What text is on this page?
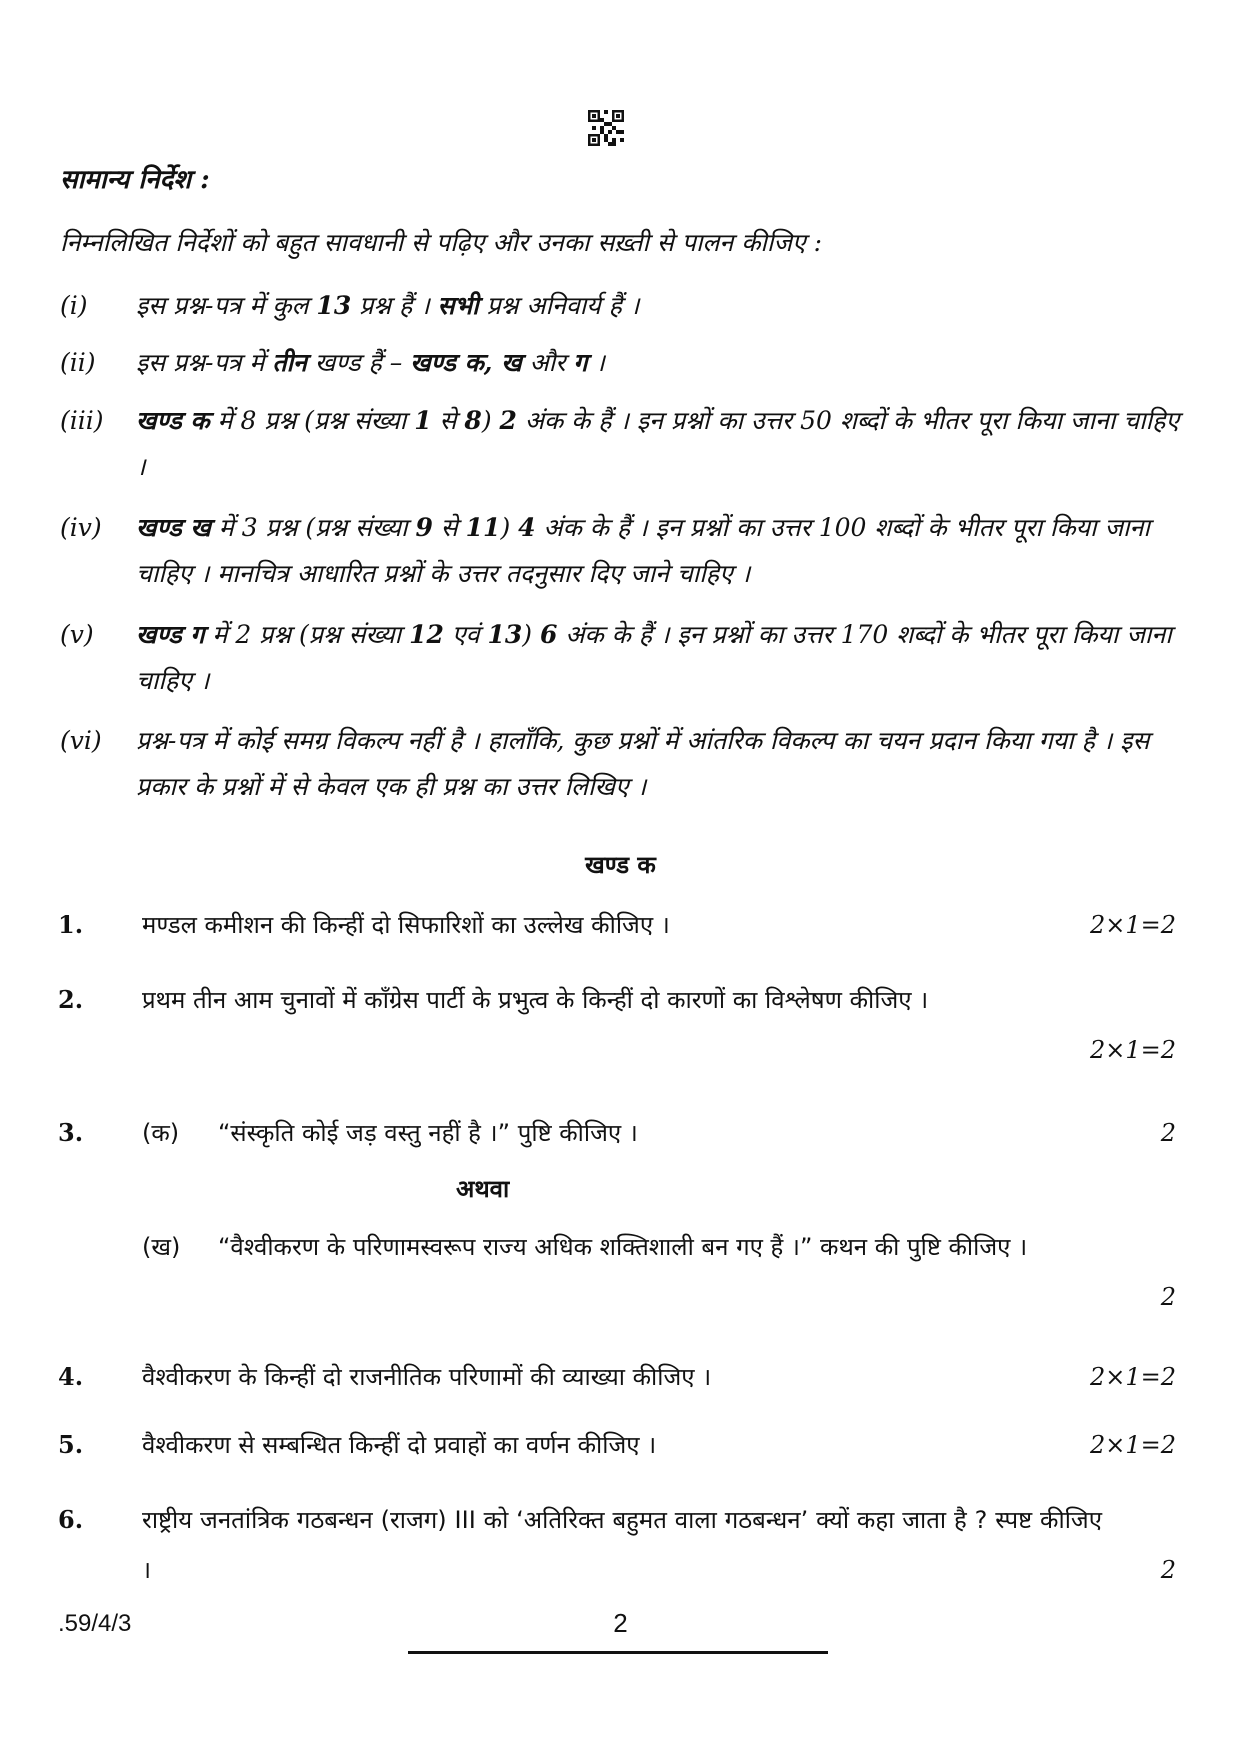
सामान्य निर्देश :
निम्नलिखित निर्देशों को बहुत सावधानी से पढ़िए और उनका सख़्ती से पालन कीजिए :
(i)	इस प्रश्न-पत्र में कुल 13 प्रश्न हैं । सभी प्रश्न अनिवार्य हैं ।
(ii)	इस प्रश्न-पत्र में तीन खण्ड हैं – खण्ड क, ख और ग ।
(iii)	खण्ड क में 8 प्रश्न (प्रश्न संख्या 1 से 8) 2 अंक के हैं । इन प्रश्नों का उत्तर 50 शब्दों के भीतर पूरा किया जाना चाहिए ।
(iv)	खण्ड ख में 3 प्रश्न (प्रश्न संख्या 9 से 11) 4 अंक के हैं । इन प्रश्नों का उत्तर 100 शब्दों के भीतर पूरा किया जाना चाहिए । मानचित्र आधारित प्रश्नों के उत्तर तदनुसार दिए जाने चाहिए ।
(v)	खण्ड ग में 2 प्रश्न (प्रश्न संख्या 12 एवं 13) 6 अंक के हैं । इन प्रश्नों का उत्तर 170 शब्दों के भीतर पूरा किया जाना चाहिए ।
(vi)	प्रश्न-पत्र में कोई समग्र विकल्प नहीं है । हालाँकि, कुछ प्रश्नों में आंतरिक विकल्प का चयन प्रदान किया गया है । इस प्रकार के प्रश्नों में से केवल एक ही प्रश्न का उत्तर लिखिए ।
खण्ड क
1. मण्डल कमीशन की किन्हीं दो सिफारिशों का उल्लेख कीजिए ।	2×1=2
2. प्रथम तीन आम चुनावों में काँग्रेस पार्टी के प्रभुत्व के किन्हीं दो कारणों का विश्लेषण कीजिए ।
2×1=2
3. (क) “संस्कृति कोई जड़ वस्तु नहीं है ।” पुष्टि कीजिए ।	2
अथवा
(ख) “वैश्वीकरण के परिणामस्वरूप राज्य अधिक शक्तिशाली बन गए हैं ।” कथन की पुष्टि कीजिए ।
2
4. वैश्वीकरण के किन्हीं दो राजनीतिक परिणामों की व्याख्या कीजिए ।	2×1=2
5. वैश्वीकरण से सम्बन्धित किन्हीं दो प्रवाहों का वर्णन कीजिए ।	2×1=2
6. राष्ट्रीय जनतांत्रिक गठबन्धन (राजग) III को ‘अतिरिक्त बहुमत वाला गठबन्धन’ क्यों कहा जाता है ? स्पष्ट कीजिए ।	2
.59/4/3	2
